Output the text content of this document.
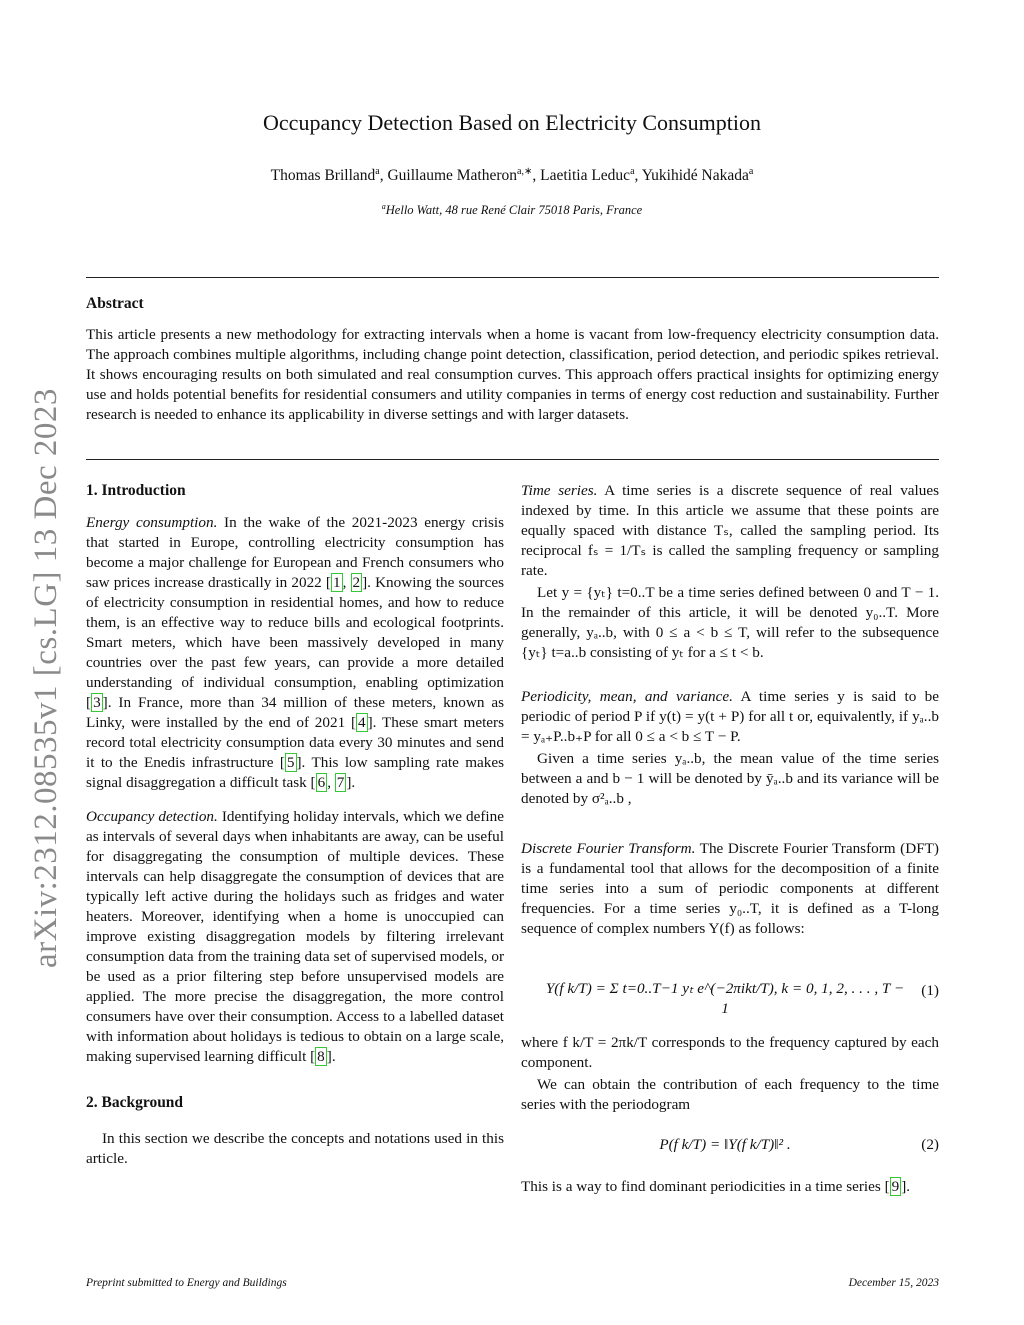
arXiv:2312.08535v1 [cs.LG] 13 Dec 2023
Occupancy Detection Based on Electricity Consumption
Thomas Brilland$^a$, Guillaume Matheron$^{a,∗}$, Laetitia Leduc$^a$, Yukihidé Nakada$^a$
$^a$Hello Watt, 48 rue René Clair 75018 Paris, France
Abstract
This article presents a new methodology for extracting intervals when a home is vacant from low-frequency electricity consumption data. The approach combines multiple algorithms, including change point detection, classification, period detection, and periodic spikes retrieval. It shows encouraging results on both simulated and real consumption curves. This approach offers practical insights for optimizing energy use and holds potential benefits for residential consumers and utility companies in terms of energy cost reduction and sustainability. Further research is needed to enhance its applicability in diverse settings and with larger datasets.
1. Introduction

Energy consumption. In the wake of the 2021-2023 energy crisis that started in Europe, controlling electricity consumption has become a major challenge for European and French consumers who saw prices increase drastically in 2022 [ 1 , 2 ]. Knowing the sources of electricity consumption in residential homes, and how to reduce them, is an effective way to reduce bills and ecological footprints. Smart meters, which have been massively developed in many countries over the past few years, can provide a more detailed understanding of individual consumption, enabling optimization [ 3 ]. In France, more than 34 million of these meters, known as Linky, were installed by the end of 2021 [ 4 ]. These smart meters record total electricity consumption data every 30 minutes and send it to the Enedis infrastructure [ 5 ]. This low sampling rate makes signal disaggregation a difficult task [ 6 , 7 ].

Occupancy detection. Identifying holiday intervals, which we define as intervals of several days when inhabitants are away, can be useful for disaggregating the consumption of multiple devices. These intervals can help disaggregate the consumption of devices that are typically left active during the holidays such as fridges and water heaters. Moreover, identifying when a home is unoccupied can improve existing disaggregation models by filtering irrelevant consumption data from the training data set of supervised models, or be used as a prior filtering step before unsupervised models are applied. The more precise the disaggregation, the more control consumers have over their consumption. Access to a labelled dataset with information about holidays is tedious to obtain on a large scale, making supervised learning difficult [ 8 ].

2. Background

In this section we describe the concepts and notations used in this article.

Time series. A time series is a discrete sequence of real values indexed by time. In this article we assume that these points are equally spaced with distance Tₛ, called the sampling period. Its reciprocal fₛ = 1/Tₛ is called the sampling frequency or sampling rate.

Let y = {yₜ} t=0..T be a time series defined between 0 and T − 1. In the remainder of this article, it will be denoted y₀..T. More generally, yₐ..b, with 0 ≤ a < b ≤ T, will refer to the subsequence {yₜ} t=a..b consisting of yₜ for a ≤ t < b.

Periodicity, mean, and variance. A time series y is said to be periodic of period P if y(t) = y(t + P) for all t or, equivalently, if yₐ..b = yₐ₊P..b₊P for all 0 ≤ a < b ≤ T − P.

Given a time series yₐ..b, the mean value of the time series between a and b − 1 will be denoted by ȳₐ..b and its variance will be denoted by σ²ₐ..b ,

Discrete Fourier Transform. The Discrete Fourier Transform (DFT) is a fundamental tool that allows for the decomposition of a finite time series into a sum of periodic components at different frequencies. For a time series y₀..T, it is defined as a T-long sequence of complex numbers Y(f) as follows:

Y(f k/T) = Σ t=0..T−1 yₜ e^(−2πikt/T), k = 0, 1, 2, . . . , T − 1
(1)

where f k/T = 2πk/T corresponds to the frequency captured by each component.

We can obtain the contribution of each frequency to the time series with the periodogram

P(f k/T) = ‖Y(f k/T)‖² .	(2)

This is a way to find dominant periodicities in a time series [ 9 ].

Preprint submitted to Energy and Buildings	December 15, 2023
